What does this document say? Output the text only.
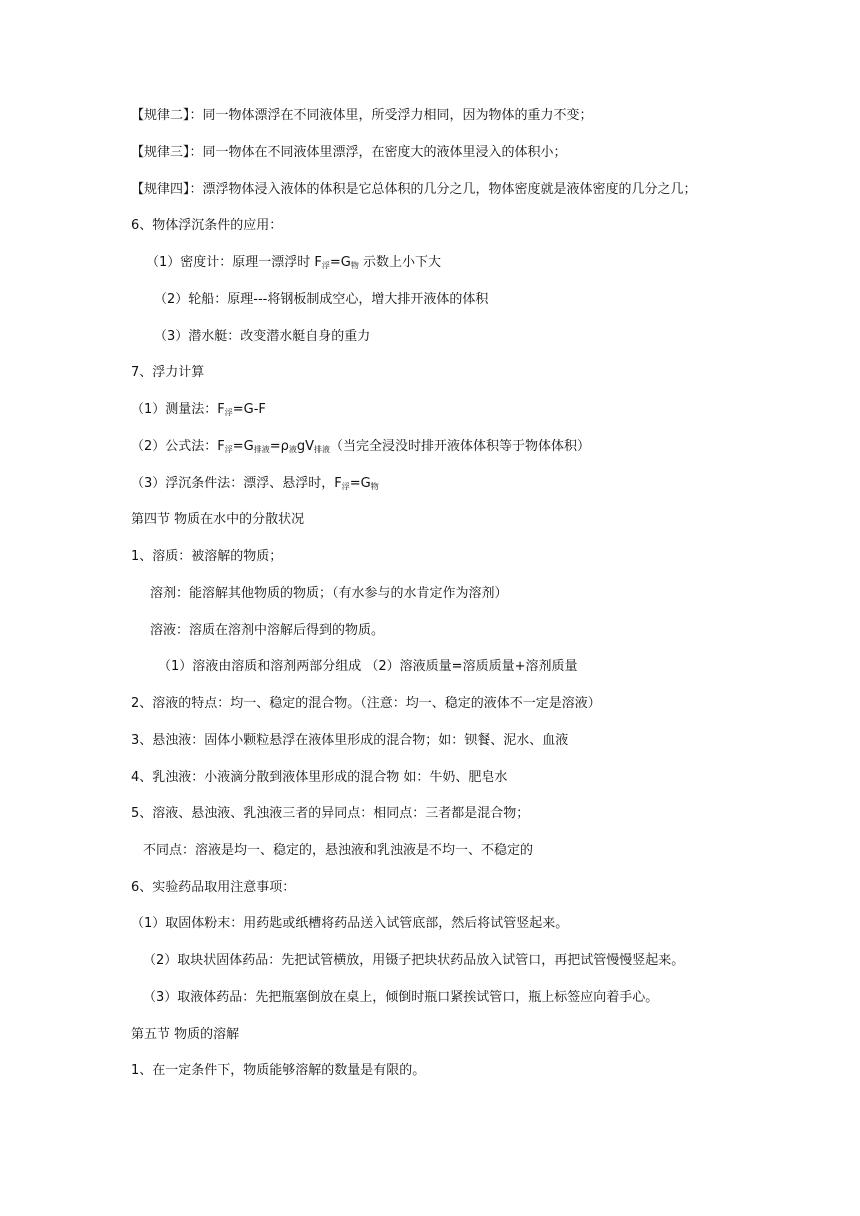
【规律二】：同一物体漂浮在不同液体里，所受浮力相同，因为物体的重力不变；
【规律三】：同一物体在不同液体里漂浮，在密度大的液体里浸入的体积小；
【规律四】：漂浮物体浸入液体的体积是它总体积的几分之几，物体密度就是液体密度的几分之几；
6、物体浮沉条件的应用：
（1）密度计：原理一漂浮时 $F_浮=G_物$ 示数上小下大
（2）轮船：原理---将钢板制成空心，增大排开液体的体积
（3）潜水艇：改变潜水艇自身的重力
7、浮力计算
（1）测量法：$F_浮=G-F$
（2）公式法：$F_浮=G_{排液}=\rho_液gV_{排液}$（当完全浸没时排开液体体积等于物体体积）
（3）浮沉条件法：漂浮、悬浮时，$F_浮=G_物$
第四节 物质在水中的分散状况
1、溶质：被溶解的物质；
溶剂：能溶解其他物质的物质；（有水参与的水肯定作为溶剂）
溶液：溶质在溶剂中溶解后得到的物质。
（1）溶液由溶质和溶剂两部分组成 （2）溶液质量=溶质质量+溶剂质量
2、溶液的特点：均一、稳定的混合物。（注意：均一、稳定的液体不一定是溶液）
3、悬浊液：固体小颗粒悬浮在液体里形成的混合物；如：钡餐、泥水、血液
4、乳浊液：小液滴分散到液体里形成的混合物 如：牛奶、肥皂水
5、溶液、悬浊液、乳浊液三者的异同点：相同点：三者都是混合物；
不同点：溶液是均一、稳定的，悬浊液和乳浊液是不均一、不稳定的
6、实验药品取用注意事项：
（1）取固体粉末：用药匙或纸槽将药品送入试管底部，然后将试管竖起来。
（2）取块状固体药品：先把试管横放，用镊子把块状药品放入试管口，再把试管慢慢竖起来。
（3）取液体药品：先把瓶塞倒放在桌上，倾倒时瓶口紧挨试管口，瓶上标签应向着手心。
第五节 物质的溶解
1、在一定条件下，物质能够溶解的数量是有限的。
